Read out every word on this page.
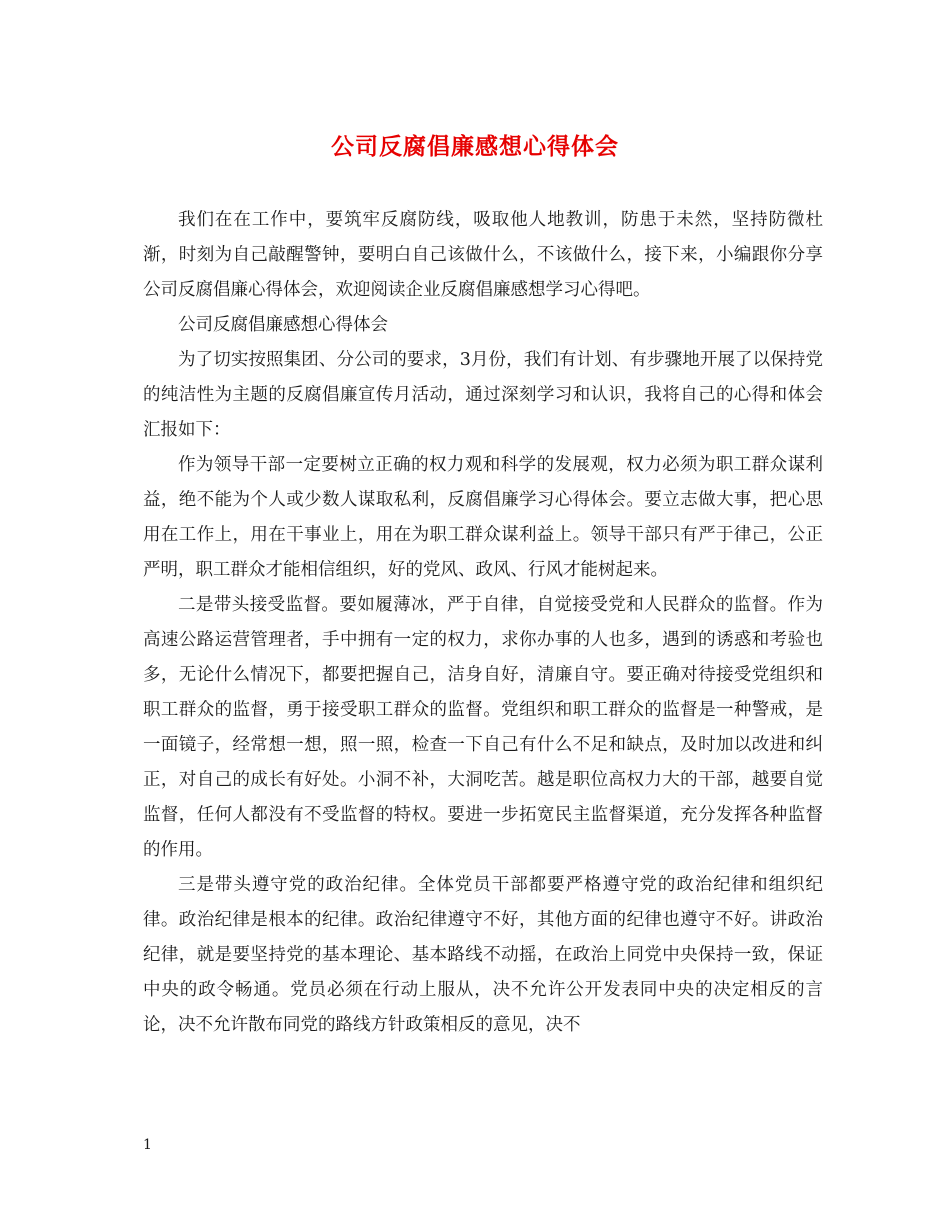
公司反腐倡廉感想心得体会

我们在在工作中，要筑牢反腐防线，吸取他人地教训，防患于未然，坚持防微杜渐，时刻为自己敲醒警钟，要明白自己该做什么，不该做什么，接下来，小编跟你分享公司反腐倡廉心得体会，欢迎阅读企业反腐倡廉感想学习心得吧。

公司反腐倡廉感想心得体会

为了切实按照集团、分公司的要求，3月份，我们有计划、有步骤地开展了以保持党的纯洁性为主题的反腐倡廉宣传月活动，通过深刻学习和认识，我将自己的心得和体会汇报如下：

作为领导干部一定要树立正确的权力观和科学的发展观，权力必须为职工群众谋利益，绝不能为个人或少数人谋取私利，反腐倡廉学习心得体会。要立志做大事，把心思用在工作上，用在干事业上，用在为职工群众谋利益上。领导干部只有严于律己，公正严明，职工群众才能相信组织，好的党风、政风、行风才能树起来。

二是带头接受监督。要如履薄冰，严于自律，自觉接受党和人民群众的监督。作为高速公路运营管理者，手中拥有一定的权力，求你办事的人也多，遇到的诱惑和考验也多，无论什么情况下，都要把握自己，洁身自好，清廉自守。要正确对待接受党组织和职工群众的监督，勇于接受职工群众的监督。党组织和职工群众的监督是一种警戒，是一面镜子，经常想一想，照一照，检查一下自己有什么不足和缺点，及时加以改进和纠正，对自己的成长有好处。小洞不补，大洞吃苦。越是职位高权力大的干部，越要自觉监督，任何人都没有不受监督的特权。要进一步拓宽民主监督渠道，充分发挥各种监督的作用。

三是带头遵守党的政治纪律。全体党员干部都要严格遵守党的政治纪律和组织纪律。政治纪律是根本的纪律。政治纪律遵守不好，其他方面的纪律也遵守不好。讲政治纪律，就是要坚持党的基本理论、基本路线不动摇，在政治上同党中央保持一致，保证中央的政令畅通。党员必须在行动上服从，决不允许公开发表同中央的决定相反的言论，决不允许散布同党的路线方针政策相反的意见，决不

1
